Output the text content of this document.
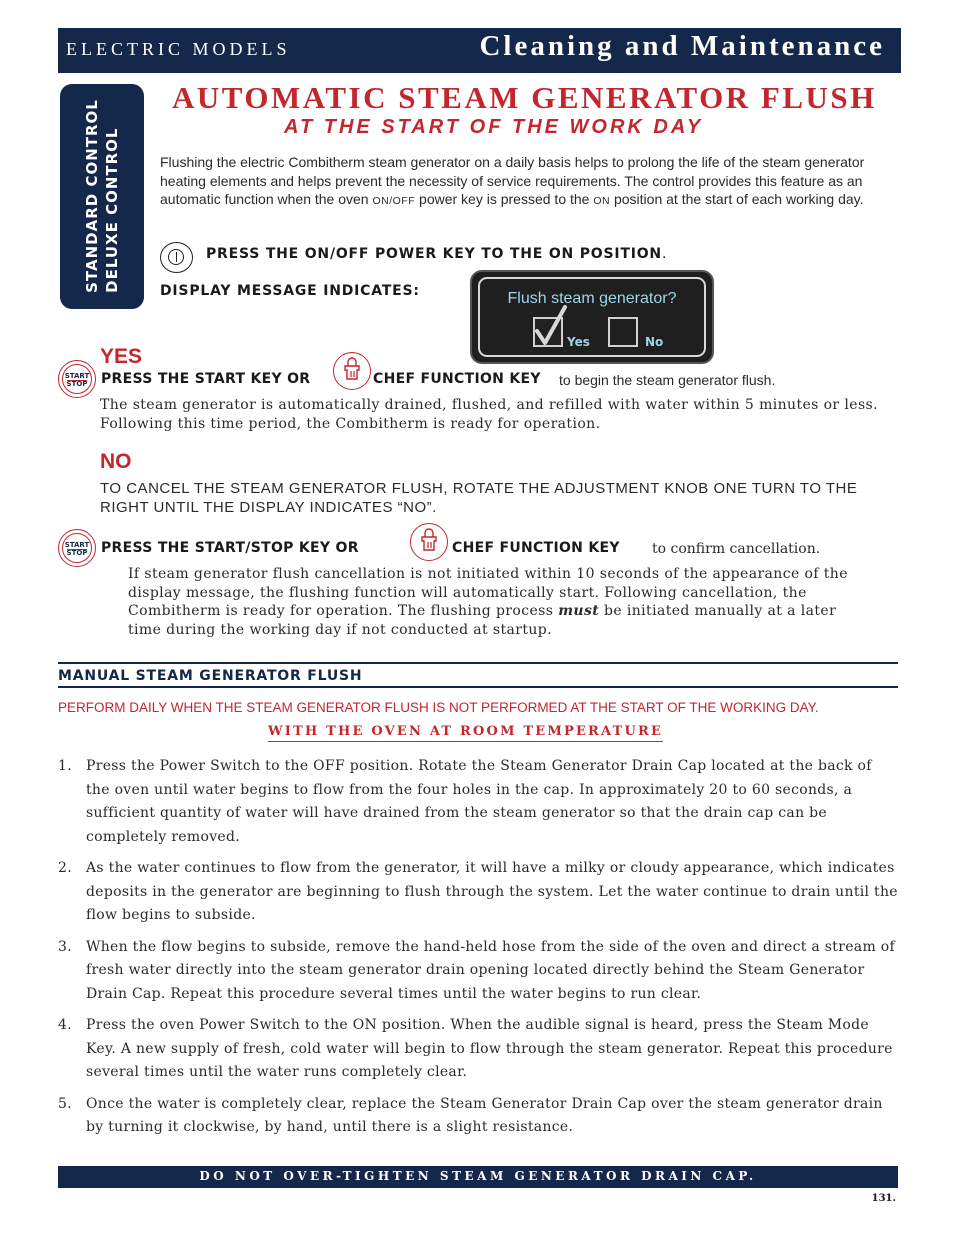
ELECTRIC MODELS	Cleaning and Maintenance
STANDARD CONTROL DELUXE CONTROL
AUTOMATIC STEAM GENERATOR FLUSH
AT THE START OF THE WORK DAY
Flushing the electric Combitherm steam generator on a daily basis helps to prolong the life of the steam generator heating elements and helps prevent the necessity of service requirements. The control provides this feature as an automatic function when the oven ON/OFF power key is pressed to the ON position at the start of each working day.
PRESS THE ON/OFF POWER KEY TO THE ON POSITION.
DISPLAY MESSAGE INDICATES:	Flush steam generator?
Yes	No
YES
START
STOP PRESS THE START KEY OR	CHEF FUNCTION KEY to begin the steam generator flush.
The steam generator is automatically drained, flushed, and refilled with water within 5 minutes or less. Following this time period, the Combitherm is ready for operation.
NO
TO CANCEL THE STEAM GENERATOR FLUSH, ROTATE THE ADJUSTMENT KNOB ONE TURN TO THE RIGHT UNTIL THE DISPLAY INDICATES “NO”.
START
STOP PRESS THE START/STOP KEY OR	CHEF FUNCTION KEY to confirm cancellation.
If steam generator flush cancellation is not initiated within 10 seconds of the appearance of the display message, the flushing function will automatically start. Following cancellation, the Combitherm is ready for operation. The flushing process must be initiated manually at a later time during the working day if not conducted at startup.
MANUAL STEAM GENERATOR FLUSH
PERFORM DAILY WHEN THE STEAM GENERATOR FLUSH IS NOT PERFORMED AT THE START OF THE WORKING DAY.
WITH THE OVEN AT ROOM TEMPERATURE
1. Press the Power Switch to the OFF position. Rotate the Steam Generator Drain Cap located at the back of the oven until water begins to flow from the four holes in the cap. In approximately 20 to 60 seconds, a sufficient quantity of water will have drained from the steam generator so that the drain cap can be completely removed.
2. As the water continues to flow from the generator, it will have a milky or cloudy appearance, which indicates deposits in the generator are beginning to flush through the system. Let the water continue to drain until the flow begins to subside.
3. When the flow begins to subside, remove the hand-held hose from the side of the oven and direct a stream of fresh water directly into the steam generator drain opening located directly behind the Steam Generator Drain Cap. Repeat this procedure several times until the water begins to run clear.
4. Press the oven Power Switch to the ON position. When the audible signal is heard, press the Steam Mode Key. A new supply of fresh, cold water will begin to flow through the steam generator. Repeat this procedure several times until the water runs completely clear.
5. Once the water is completely clear, replace the Steam Generator Drain Cap over the steam generator drain by turning it clockwise, by hand, until there is a slight resistance.
DO NOT OVER-TIGHTEN STEAM GENERATOR DRAIN CAP.
131.
